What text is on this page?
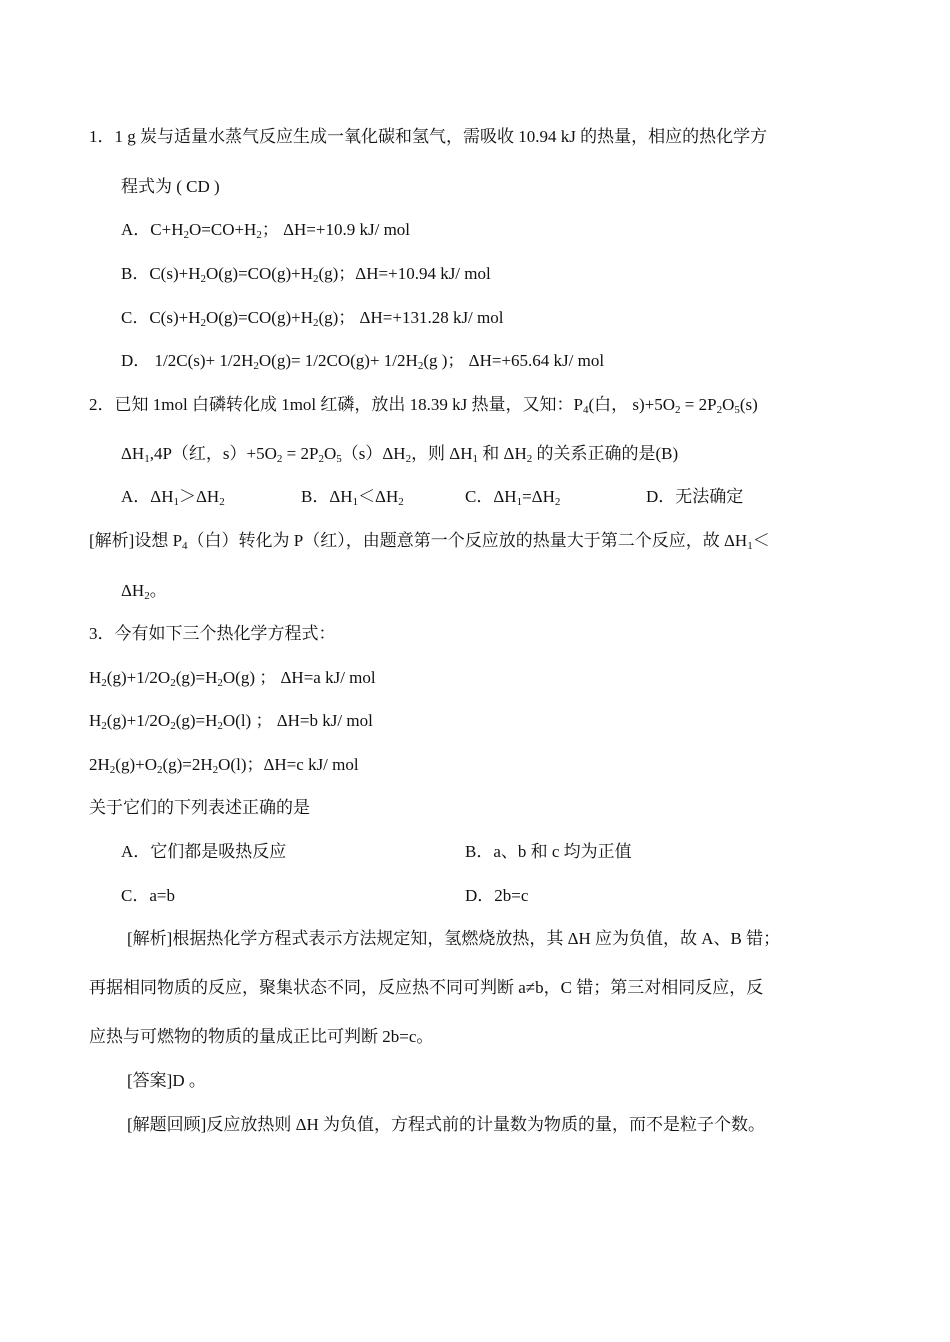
1．1 g 炭与适量水蒸气反应生成一氧化碳和氢气，需吸收 10.94 kJ 的热量，相应的热化学方
程式为 ( CD )
A．$C+H_2O=CO+H_2$； ΔH=+10.9 kJ/ mol
B．$C(s)+H_2O(g)=CO(g)+H_2(g)$；ΔH=+10.94 kJ/ mol
C．$C(s)+H_2O(g)=CO(g)+H_2(g)$； ΔH=+131.28 kJ/ mol
D． $1/2C(s)+ 1/2H_2O(g)= 1/2CO(g)+ 1/2H_2(g$ )； ΔH=+65.64 kJ/ mol
2．已知 1mol 白磷转化成 1mol 红磷，放出 18.39 kJ 热量，又知：$P_4$(白， $s)+5O_2 = 2P_2O_5(s)$
$\Delta H_1,4P$（红，$s)+5O_2 = 2P_2O_5(s)\Delta H_2$，则 $\Delta H_1$ 和 $\Delta H_2$ 的关系正确的是(B)
A．$\Delta H_1>\Delta H_2$	B．$\Delta H_1<\Delta H_2$	C．$\Delta H_1=\Delta H_2$	D．无法确定
[解析]设想 $P_4$（白）转化为 P（红），由题意第一个反应放的热量大于第二个反应，故 $\Delta H_1<$
$\Delta H_2$。
3．今有如下三个热化学方程式：
$H_2(g)+1/2O_2(g)=H_2O(g)$ ； ΔH=a kJ/ mol
$H_2(g)+1/2O_2(g)=H_2O(l)$ ； ΔH=b kJ/ mol
$2H_2(g)+O_2(g)=2H_2O(l)$；ΔH=c kJ/ mol
关于它们的下列表述正确的是
A．它们都是吸热反应	B．a、b 和 c 均为正值
C．a=b	D．2b=c
[解析]根据热化学方程式表示方法规定知，氢燃烧放热，其 ΔH 应为负值，故 A、B 错；
再据相同物质的反应，聚集状态不同，反应热不同可判断 a≠b，C 错；第三对相同反应，反
应热与可燃物的物质的量成正比可判断 2b=c。
[答案]D 。
[解题回顾]反应放热则 ΔH 为负值，方程式前的计量数为物质的量，而不是粒子个数。
